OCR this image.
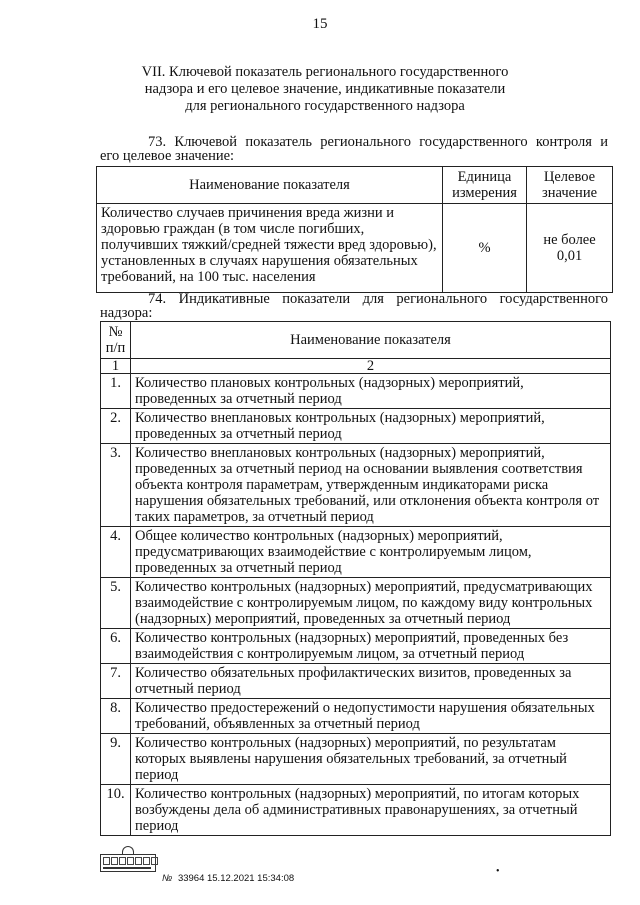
15
VII. Ключевой показатель регионального государственного
надзора и его целевое значение, индикативные показатели
для регионального государственного надзора
73. Ключевой показатель регионального государственного контроля и
его целевое значение:
Наименование показателя	Единица измерения	Целевое значение
Количество случаев причинения вреда жизни и здоровью граждан (в том числе погибших, получивших тяжкий/средней тяжести вред здоровью), установленных в случаях нарушения обязательных требований, на 100 тыс. населения	%	не более 0,01
74. Индикативные показатели для регионального государственного
надзора:
№ п/п	Наименование показателя
1	2
1.	Количество плановых контрольных (надзорных) мероприятий, проведенных за отчетный период
2.	Количество внеплановых контрольных (надзорных) мероприятий, проведенных за отчетный период
3.	Количество внеплановых контрольных (надзорных) мероприятий, проведенных за отчетный период на основании выявления соответствия объекта контроля параметрам, утвержденным индикаторами риска нарушения обязательных требований, или отклонения объекта контроля от таких параметров, за отчетный период
4.	Общее количество контрольных (надзорных) мероприятий, предусматривающих взаимодействие с контролируемым лицом, проведенных за отчетный период
5.	Количество контрольных (надзорных) мероприятий, предусматривающих взаимодействие с контролируемым лицом, по каждому виду контрольных (надзорных) мероприятий, проведенных за отчетный период
6.	Количество контрольных (надзорных) мероприятий, проведенных без взаимодействия с контролируемым лицом, за отчетный период
7.	Количество обязательных профилактических визитов, проведенных за отчетный период
8.	Количество предостережений о недопустимости нарушения обязательных требований, объявленных за отчетный период
9.	Количество контрольных (надзорных) мероприятий, по результатам которых выявлены нарушения обязательных требований, за отчетный период
10.	Количество контрольных (надзорных) мероприятий, по итогам которых возбуждены дела об административных правонарушениях, за отчетный период
№ 33964 15.12.2021 15:34:08
•
